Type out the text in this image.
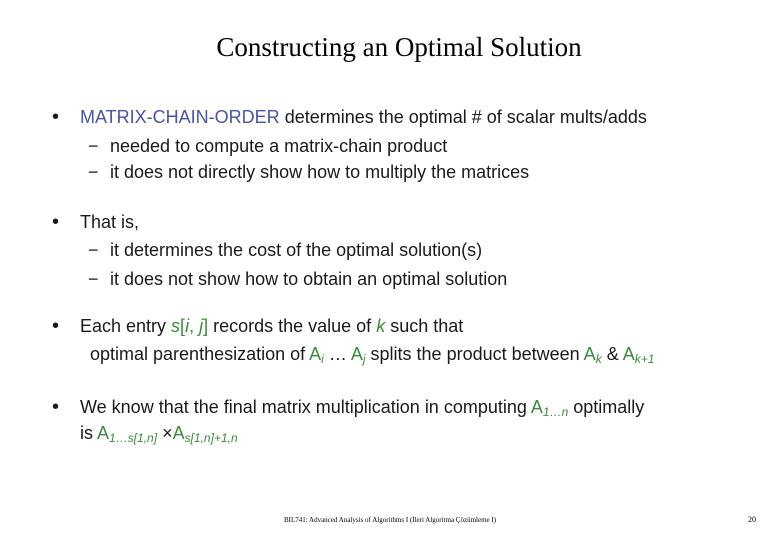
Constructing an Optimal Solution
• MATRIX-CHAIN-ORDER determines the optimal # of scalar mults/adds
− needed to compute a matrix-chain product
− it does not directly show how to multiply the matrices
• That is,
− it determines the cost of the optimal solution(s)
− it does not show how to obtain an optimal solution
• Each entry s[i, j] records the value of k such that
optimal parenthesization of $A_i$ … $A_j$ splits the product between $A_k$ & $A_{k+1}$
• We know that the final matrix multiplication in computing $A_{1\dots n}$ optimally
is $A_{1\dots s[1,n]} \times A_{s[1,n]+1,n}$
BIL741: Advanced Analysis of Algorithms I (İleri Algoritma Çözümleme I)	20
